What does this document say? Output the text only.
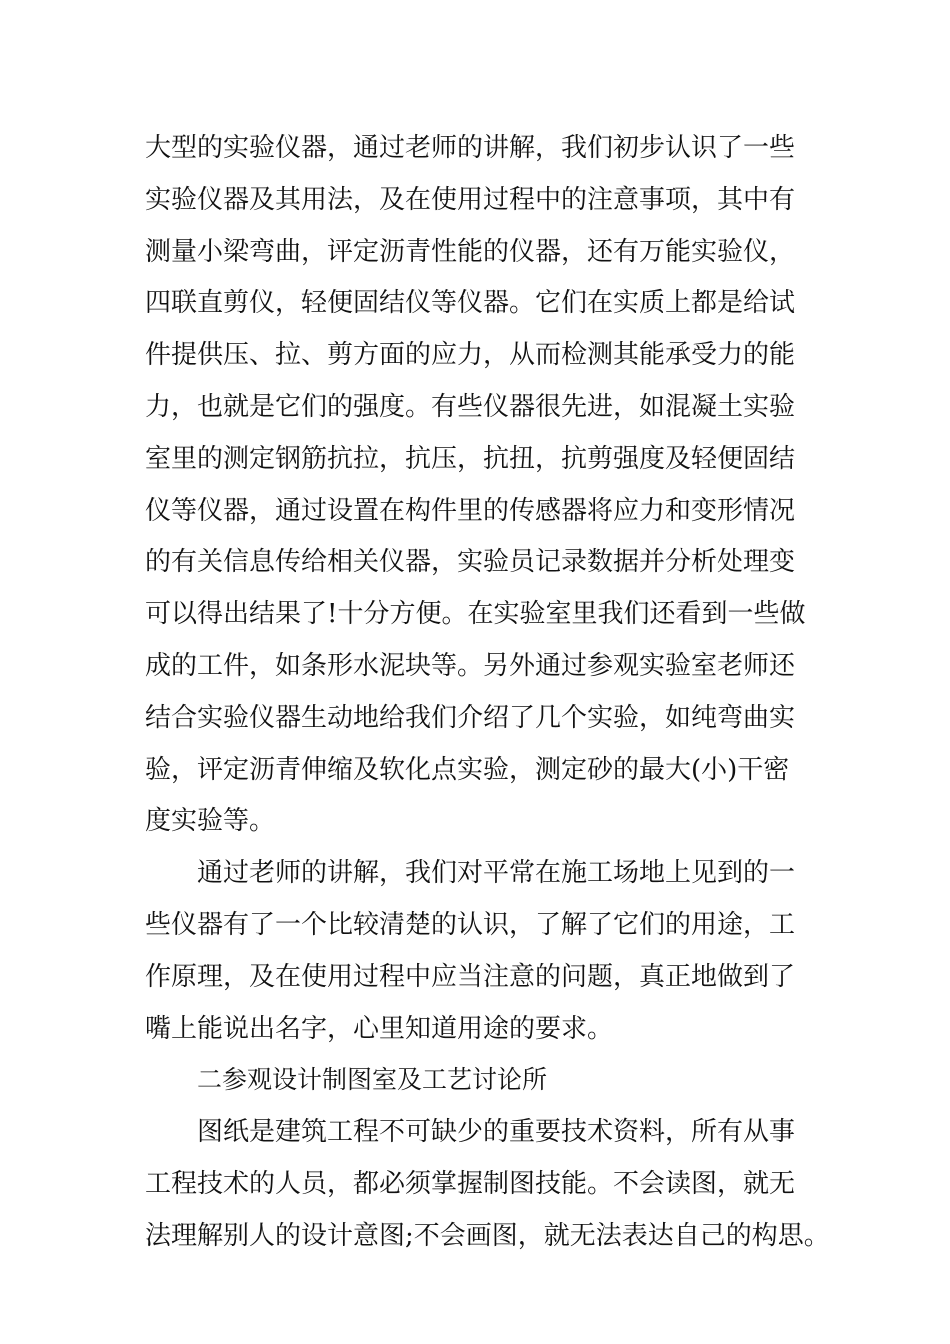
大型的实验仪器，通过老师的讲解，我们初步认识了一些
实验仪器及其用法，及在使用过程中的注意事项，其中有
测量小梁弯曲，评定沥青性能的仪器，还有万能实验仪，
四联直剪仪，轻便固结仪等仪器。它们在实质上都是给试
件提供压、拉、剪方面的应力，从而检测其能承受力的能
力，也就是它们的强度。有些仪器很先进，如混凝土实验
室里的测定钢筋抗拉，抗压，抗扭，抗剪强度及轻便固结
仪等仪器，通过设置在构件里的传感器将应力和变形情况
的有关信息传给相关仪器，实验员记录数据并分析处理变
可以得出结果了!十分方便。在实验室里我们还看到一些做
成的工件，如条形水泥块等。另外通过参观实验室老师还
结合实验仪器生动地给我们介绍了几个实验，如纯弯曲实
验，评定沥青伸缩及软化点实验，测定砂的最大(小)干密
度实验等。
通过老师的讲解，我们对平常在施工场地上见到的一
些仪器有了一个比较清楚的认识，了解了它们的用途，工
作原理，及在使用过程中应当注意的问题，真正地做到了
嘴上能说出名字，心里知道用途的要求。
二参观设计制图室及工艺讨论所
图纸是建筑工程不可缺少的重要技术资料，所有从事
工程技术的人员，都必须掌握制图技能。不会读图，就无
法理解别人的设计意图;不会画图，就无法表达自己的构思。
